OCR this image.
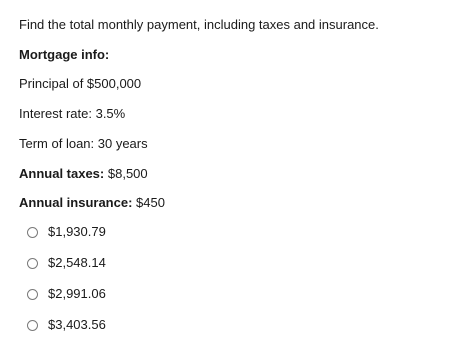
Find the total monthly payment, including taxes and insurance.
Mortgage info:
Principal of $500,000
Interest rate: 3.5%
Term of loan: 30 years
Annual taxes: $8,500
Annual insurance: $450
$1,930.79
$2,548.14
$2,991.06
$3,403.56
